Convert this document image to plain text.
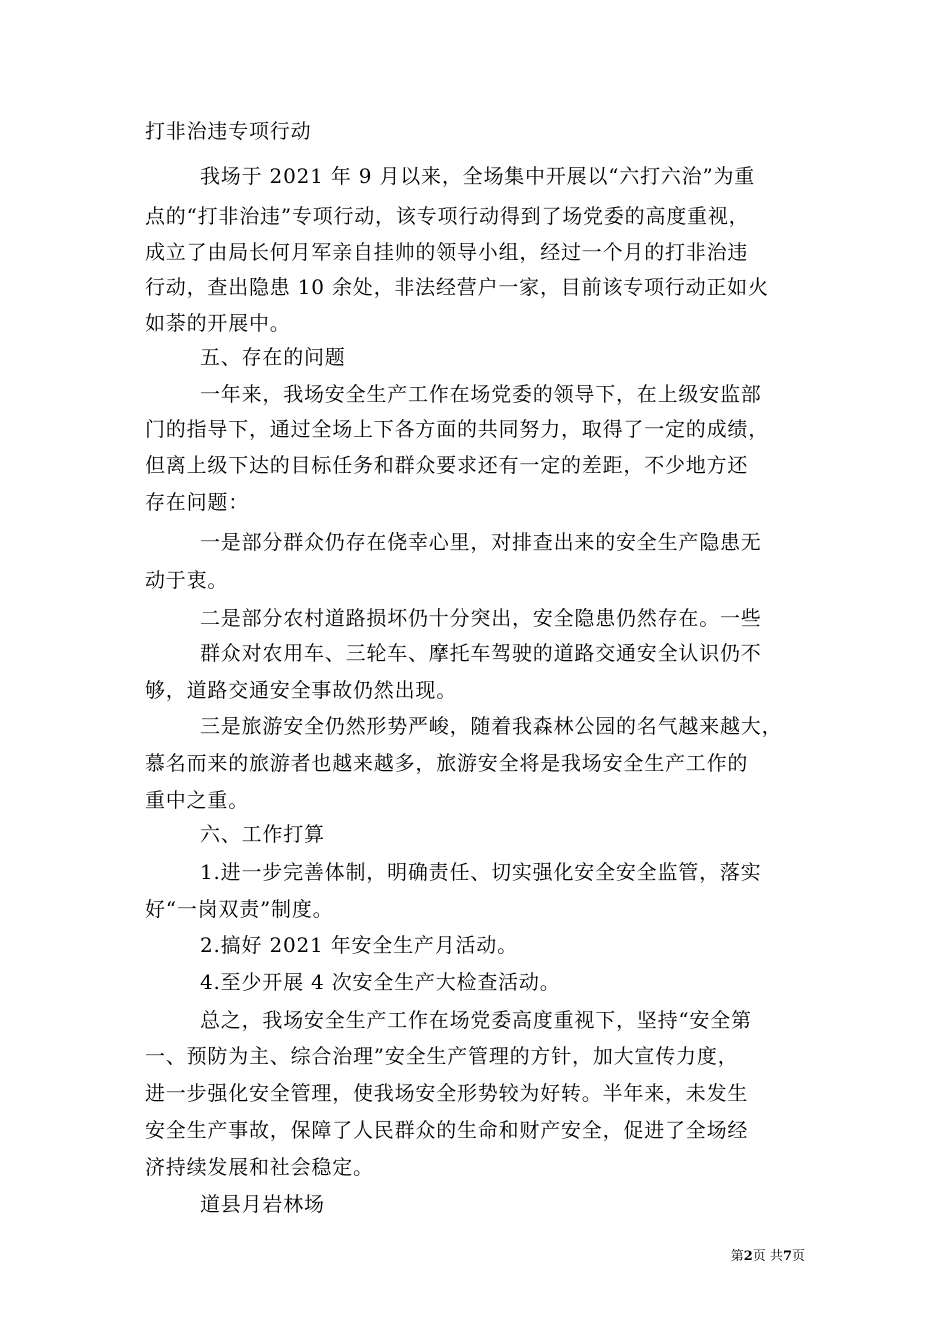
打非治违专项行动
我场于 2021 年 9 月以来，全场集中开展以“六打六治”为重
点的“打非治违”专项行动，该专项行动得到了场党委的高度重视，
成立了由局长何月军亲自挂帅的领导小组，经过一个月的打非治违
行动，查出隐患 10 余处，非法经营户一家，目前该专项行动正如火
如荼的开展中。
五、存在的问题
一年来，我场安全生产工作在场党委的领导下，在上级安监部
门的指导下，通过全场上下各方面的共同努力，取得了一定的成绩，
但离上级下达的目标任务和群众要求还有一定的差距，不少地方还
存在问题：
一是部分群众仍存在侥幸心里，对排查出来的安全生产隐患无
动于衷。
二是部分农村道路损坏仍十分突出，安全隐患仍然存在。一些
群众对农用车、三轮车、摩托车驾驶的道路交通安全认识仍不
够，道路交通安全事故仍然出现。
三是旅游安全仍然形势严峻，随着我森林公园的名气越来越大，
慕名而来的旅游者也越来越多，旅游安全将是我场安全生产工作的
重中之重。
六、工作打算
1.进一步完善体制，明确责任、切实强化安全安全监管，落实
好“一岗双责”制度。
2.搞好 2021 年安全生产月活动。
4.至少开展 4 次安全生产大检查活动。
总之，我场安全生产工作在场党委高度重视下，坚持“安全第
一、预防为主、综合治理”安全生产管理的方针，加大宣传力度，
进一步强化安全管理，使我场安全形势较为好转。半年来，未发生
安全生产事故，保障了人民群众的生命和财产安全，促进了全场经
济持续发展和社会稳定。
道县月岩林场
第2页 共7页
